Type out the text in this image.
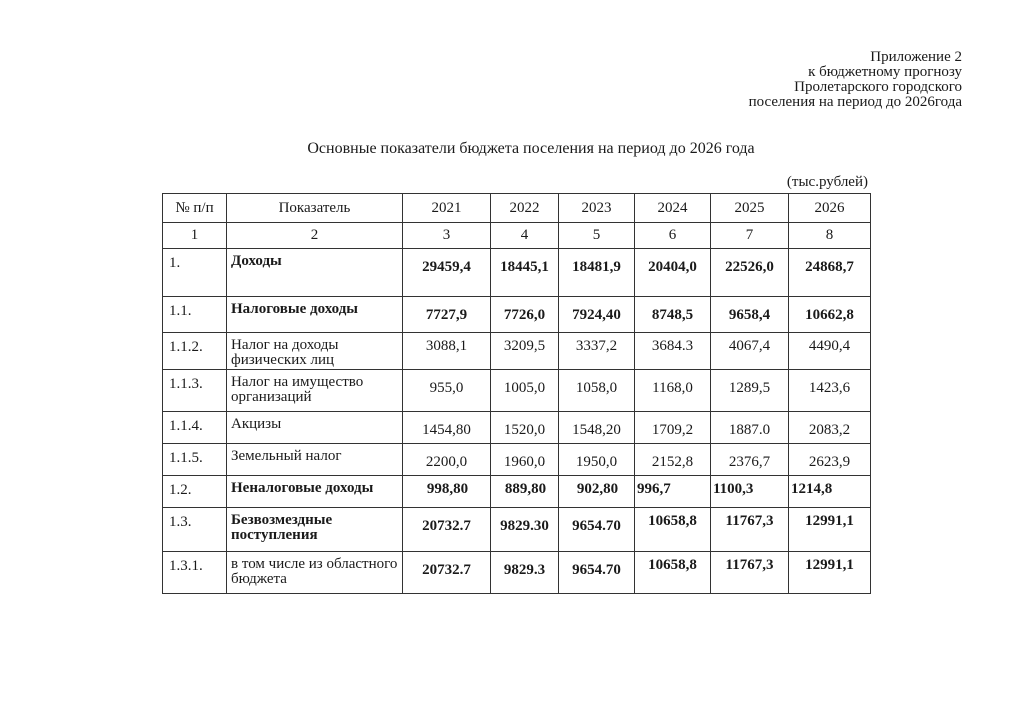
Приложение 2
к бюджетному прогнозу
Пролетарского городского
поселения на период до 2026года
Основные показатели бюджета поселения на период до 2026 года
(тыс.рублей)
№ п/п	Показатель	2021	2022	2023	2024	2025	2026
1	2	3	4	5	6	7	8
1.	Доходы	29459,4	18445,1	18481,9	20404,0	22526,0	24868,7
1.1.	Налоговые доходы	7727,9	7726,0	7924,40	8748,5	9658,4	10662,8
1.1.2.	Налог на доходы физических лиц	3088,1	3209,5	3337,2	3684.3	4067,4	4490,4
1.1.3.	Налог на имущество организаций	955,0	1005,0	1058,0	1168,0	1289,5	1423,6
1.1.4.	Акцизы	1454,80	1520,0	1548,20	1709,2	1887.0	2083,2
1.1.5.	Земельный налог	2200,0	1960,0	1950,0	2152,8	2376,7	2623,9
1.2.	Неналоговые доходы	998,80	889,80	902,80	996,7	1100,3	1214,8
1.3.	Безвозмездные поступления	20732.7	9829.30	9654.70	10658,8	11767,3	12991,1
1.3.1.	в том числе из областного бюджета	20732.7	9829.3	9654.70	10658,8	11767,3	12991,1
